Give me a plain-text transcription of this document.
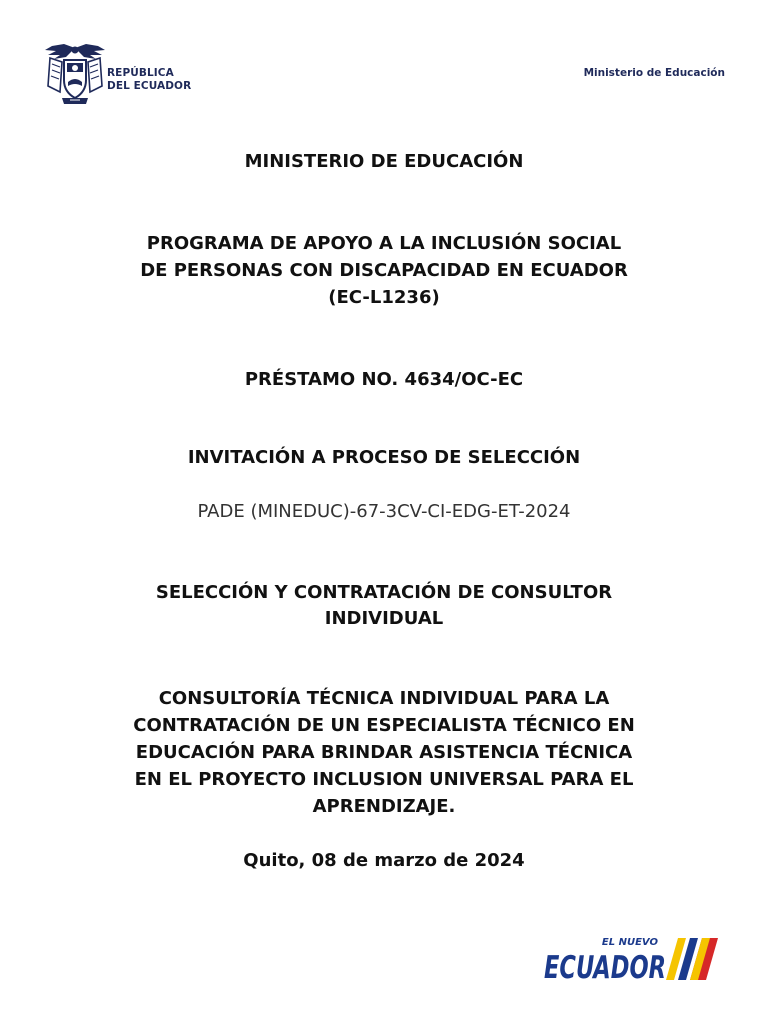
REPÚBLICA
DEL ECUADOR
Ministerio de Educación
MINISTERIO DE EDUCACIÓN
PROGRAMA DE APOYO A LA INCLUSIÓN SOCIAL
DE PERSONAS CON DISCAPACIDAD EN ECUADOR
(EC-L1236)
PRÉSTAMO NO. 4634/OC-EC
INVITACIÓN A PROCESO DE SELECCIÓN
PADE (MINEDUC)-67-3CV-CI-EDG-ET-2024
SELECCIÓN Y CONTRATACIÓN DE CONSULTOR
INDIVIDUAL
CONSULTORÍA TÉCNICA INDIVIDUAL PARA LA
CONTRATACIÓN DE UN ESPECIALISTA TÉCNICO EN
EDUCACIÓN PARA BRINDAR ASISTENCIA TÉCNICA
EN EL PROYECTO INCLUSION UNIVERSAL PARA EL
APRENDIZAJE.
Quito, 08 de marzo de 2024
EL NUEVO
ECUADOR
